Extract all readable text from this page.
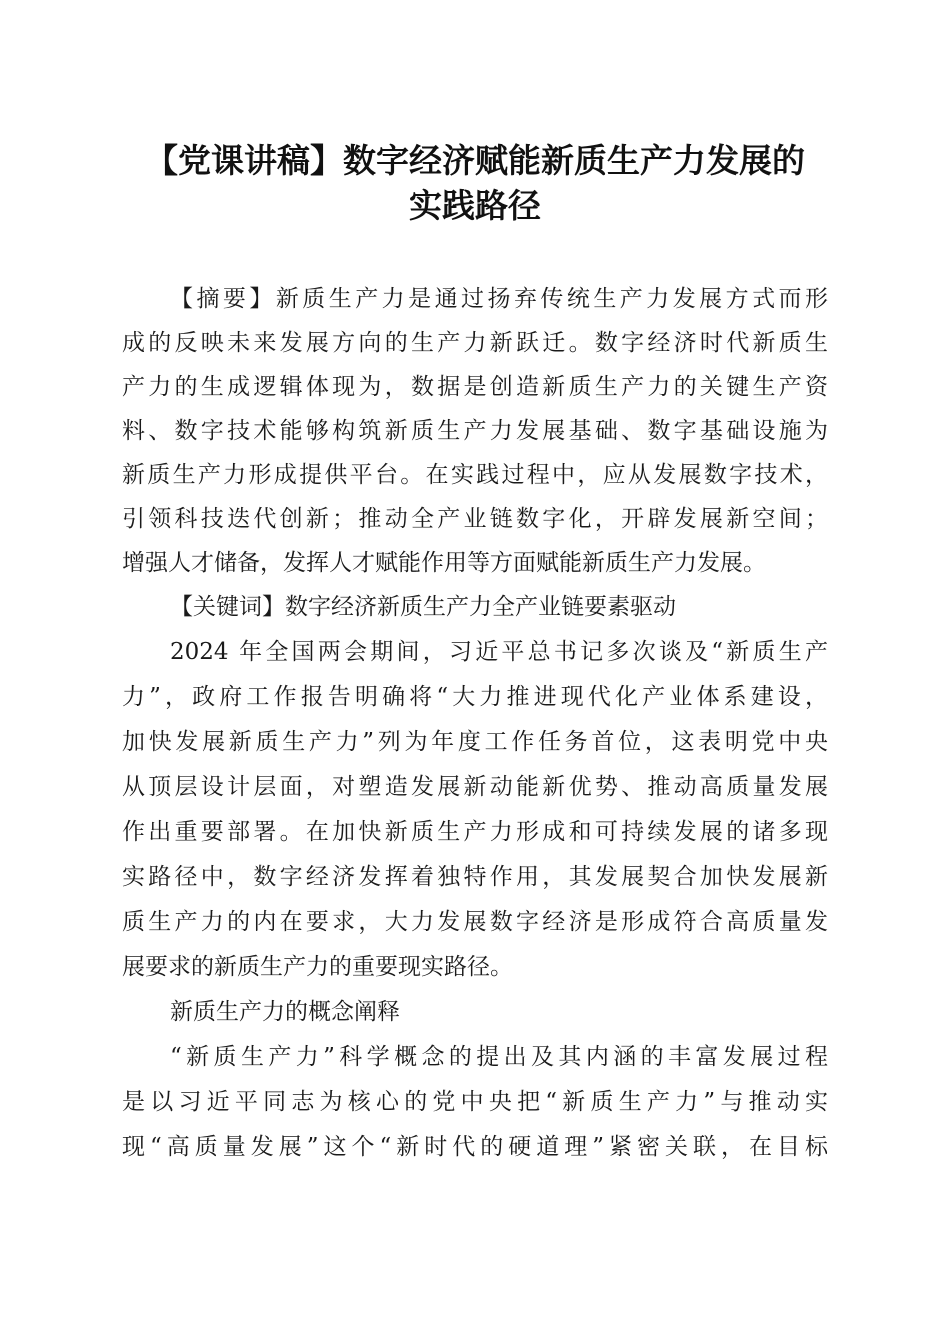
【党课讲稿】数字经济赋能新质生产力发展的
实践路径
【摘要】新质生产力是通过扬弃传统生产力发展方式而形
成的反映未来发展方向的生产力新跃迁。数字经济时代新质生
产力的生成逻辑体现为，数据是创造新质生产力的关键生产资
料、数字技术能够构筑新质生产力发展基础、数字基础设施为
新质生产力形成提供平台。在实践过程中，应从发展数字技术，
引领科技迭代创新；推动全产业链数字化，开辟发展新空间；
增强人才储备，发挥人才赋能作用等方面赋能新质生产力发展。
【关键词】数字经济新质生产力全产业链要素驱动
2024 年全国两会期间，习近平总书记多次谈及“新质生产
力”，政府工作报告明确将“大力推进现代化产业体系建设，
加快发展新质生产力”列为年度工作任务首位，这表明党中央
从顶层设计层面，对塑造发展新动能新优势、推动高质量发展
作出重要部署。在加快新质生产力形成和可持续发展的诸多现
实路径中，数字经济发挥着独特作用，其发展契合加快发展新
质生产力的内在要求，大力发展数字经济是形成符合高质量发
展要求的新质生产力的重要现实路径。
新质生产力的概念阐释
“新质生产力”科学概念的提出及其内涵的丰富发展过程
是以习近平同志为核心的党中央把“新质生产力”与推动实
现“高质量发展”这个“新时代的硬道理”紧密关联，在目标
